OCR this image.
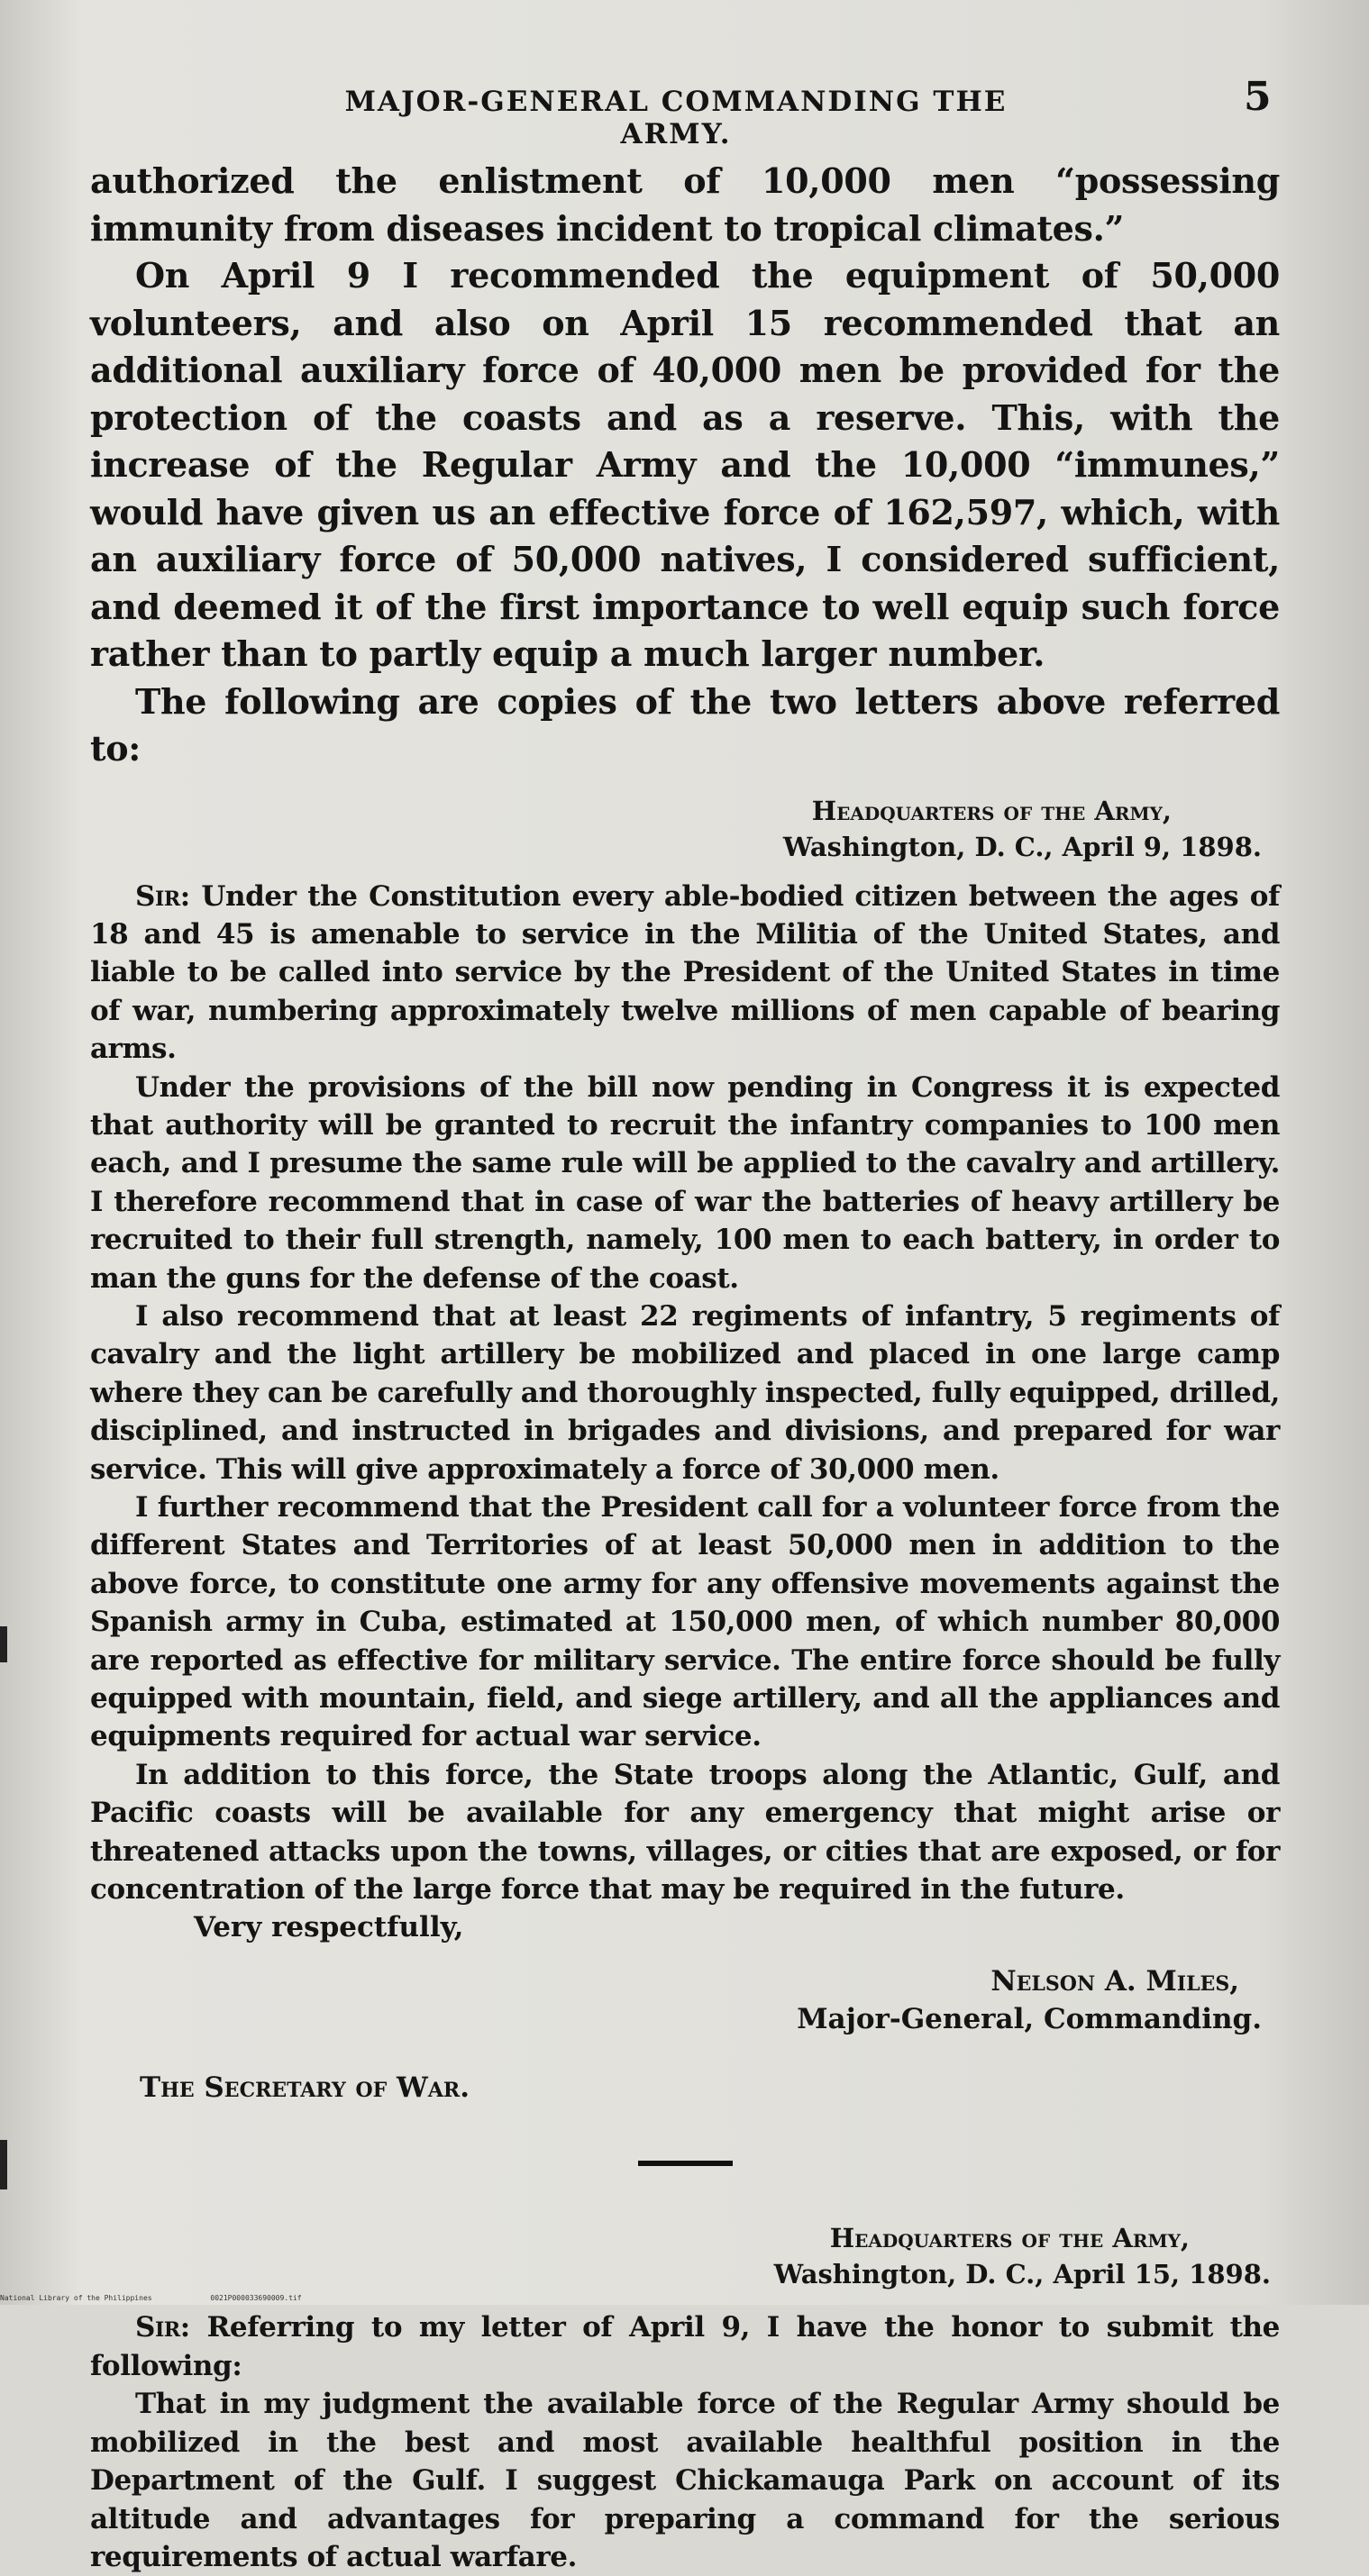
MAJOR-GENERAL COMMANDING THE ARMY.
5

authorized the enlistment of 10,000 men “possessing immunity from diseases incident to tropical climates.”

On April 9 I recommended the equipment of 50,000 volunteers, and also on April 15 recommended that an additional auxiliary force of 40,000 men be provided for the protection of the coasts and as a reserve. This, with the increase of the Regular Army and the 10,000 “immunes,” would have given us an effective force of 162,597, which, with an auxiliary force of 50,000 natives, I considered sufficient, and deemed it of the first importance to well equip such force rather than to partly equip a much larger number.

The following are copies of the two letters above referred to:

Headquarters of the Army,

Washington, D. C., April 9, 1898.

Sir: Under the Constitution every able-bodied citizen between the ages of 18 and 45 is amenable to service in the Militia of the United States, and liable to be called into service by the President of the United States in time of war, numbering approximately twelve millions of men capable of bearing arms.

Under the provisions of the bill now pending in Congress it is expected that authority will be granted to recruit the infantry companies to 100 men each, and I presume the same rule will be applied to the cavalry and artillery. I therefore recommend that in case of war the batteries of heavy artillery be recruited to their full strength, namely, 100 men to each battery, in order to man the guns for the defense of the coast.

I also recommend that at least 22 regiments of infantry, 5 regiments of cavalry and the light artillery be mobilized and placed in one large camp where they can be carefully and thoroughly inspected, fully equipped, drilled, disciplined, and instructed in brigades and divisions, and prepared for war service. This will give approximately a force of 30,000 men.

I further recommend that the President call for a volunteer force from the different States and Territories of at least 50,000 men in addition to the above force, to constitute one army for any offensive movements against the Spanish army in Cuba, estimated at 150,000 men, of which number 80,000 are reported as effective for military service. The entire force should be fully equipped with mountain, field, and siege artillery, and all the appliances and equipments required for actual war service.

In addition to this force, the State troops along the Atlantic, Gulf, and Pacific coasts will be available for any emergency that might arise or threatened attacks upon the towns, villages, or cities that are exposed, or for concentration of the large force that may be required in the future.

Very respectfully,

Nelson A. Miles,

Major-General, Commanding.

The Secretary of War.

Headquarters of the Army,

Washington, D. C., April 15, 1898.

Sir: Referring to my letter of April 9, I have the honor to submit the following:

That in my judgment the available force of the Regular Army should be mobilized in the best and most available healthful position in the Department of the Gulf. I suggest Chickamauga Park on account of its altitude and advantages for preparing a command for the serious requirements of actual warfare.

National Library of the Philippines	0021P000033690009.tif
